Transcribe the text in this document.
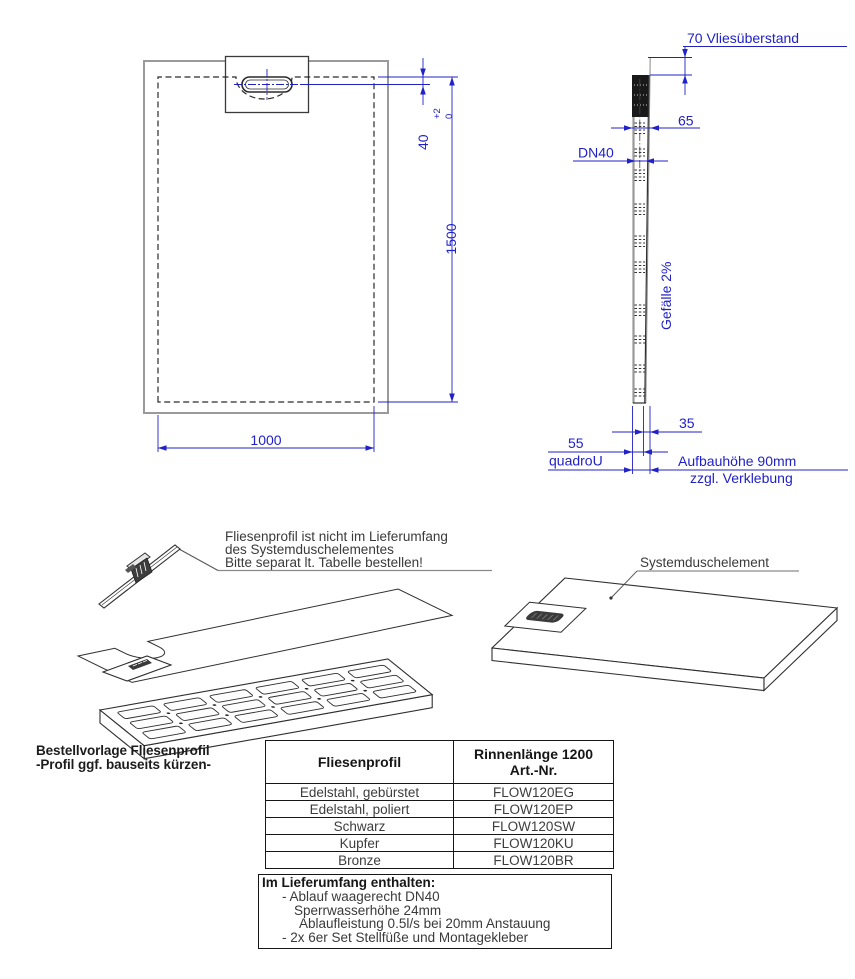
1000
1500
40
+2 0
70 Vliesüberstand
65
DN40
Gefälle 2%
35
55
quadroU	Aufbauhöhe 90mm
zzgl. Verklebung
Fliesenprofil ist nicht im Lieferumfang
des Systemduschelementes
Bitte separat lt. Tabelle bestellen!	Systemduschelement
Bestellvorlage Fliesenprofil
-Profil ggf. bauseits kürzen-	Fliesenprofil	Rinnenlänge 1200
Art.-Nr.

Edelstahl, gebürstet	FLOW120EG
Edelstahl, poliert	FLOW120EP
Schwarz	FLOW120SW
Kupfer	FLOW120KU
Bronze	FLOW120BR
Im Lieferumfang enthalten:
- Ablauf waagerecht DN40
Sperrwasserhöhe 24mm
Ablaufleistung 0.5l/s bei 20mm Anstauung
- 2x 6er Set Stellfüße und Montagekleber
